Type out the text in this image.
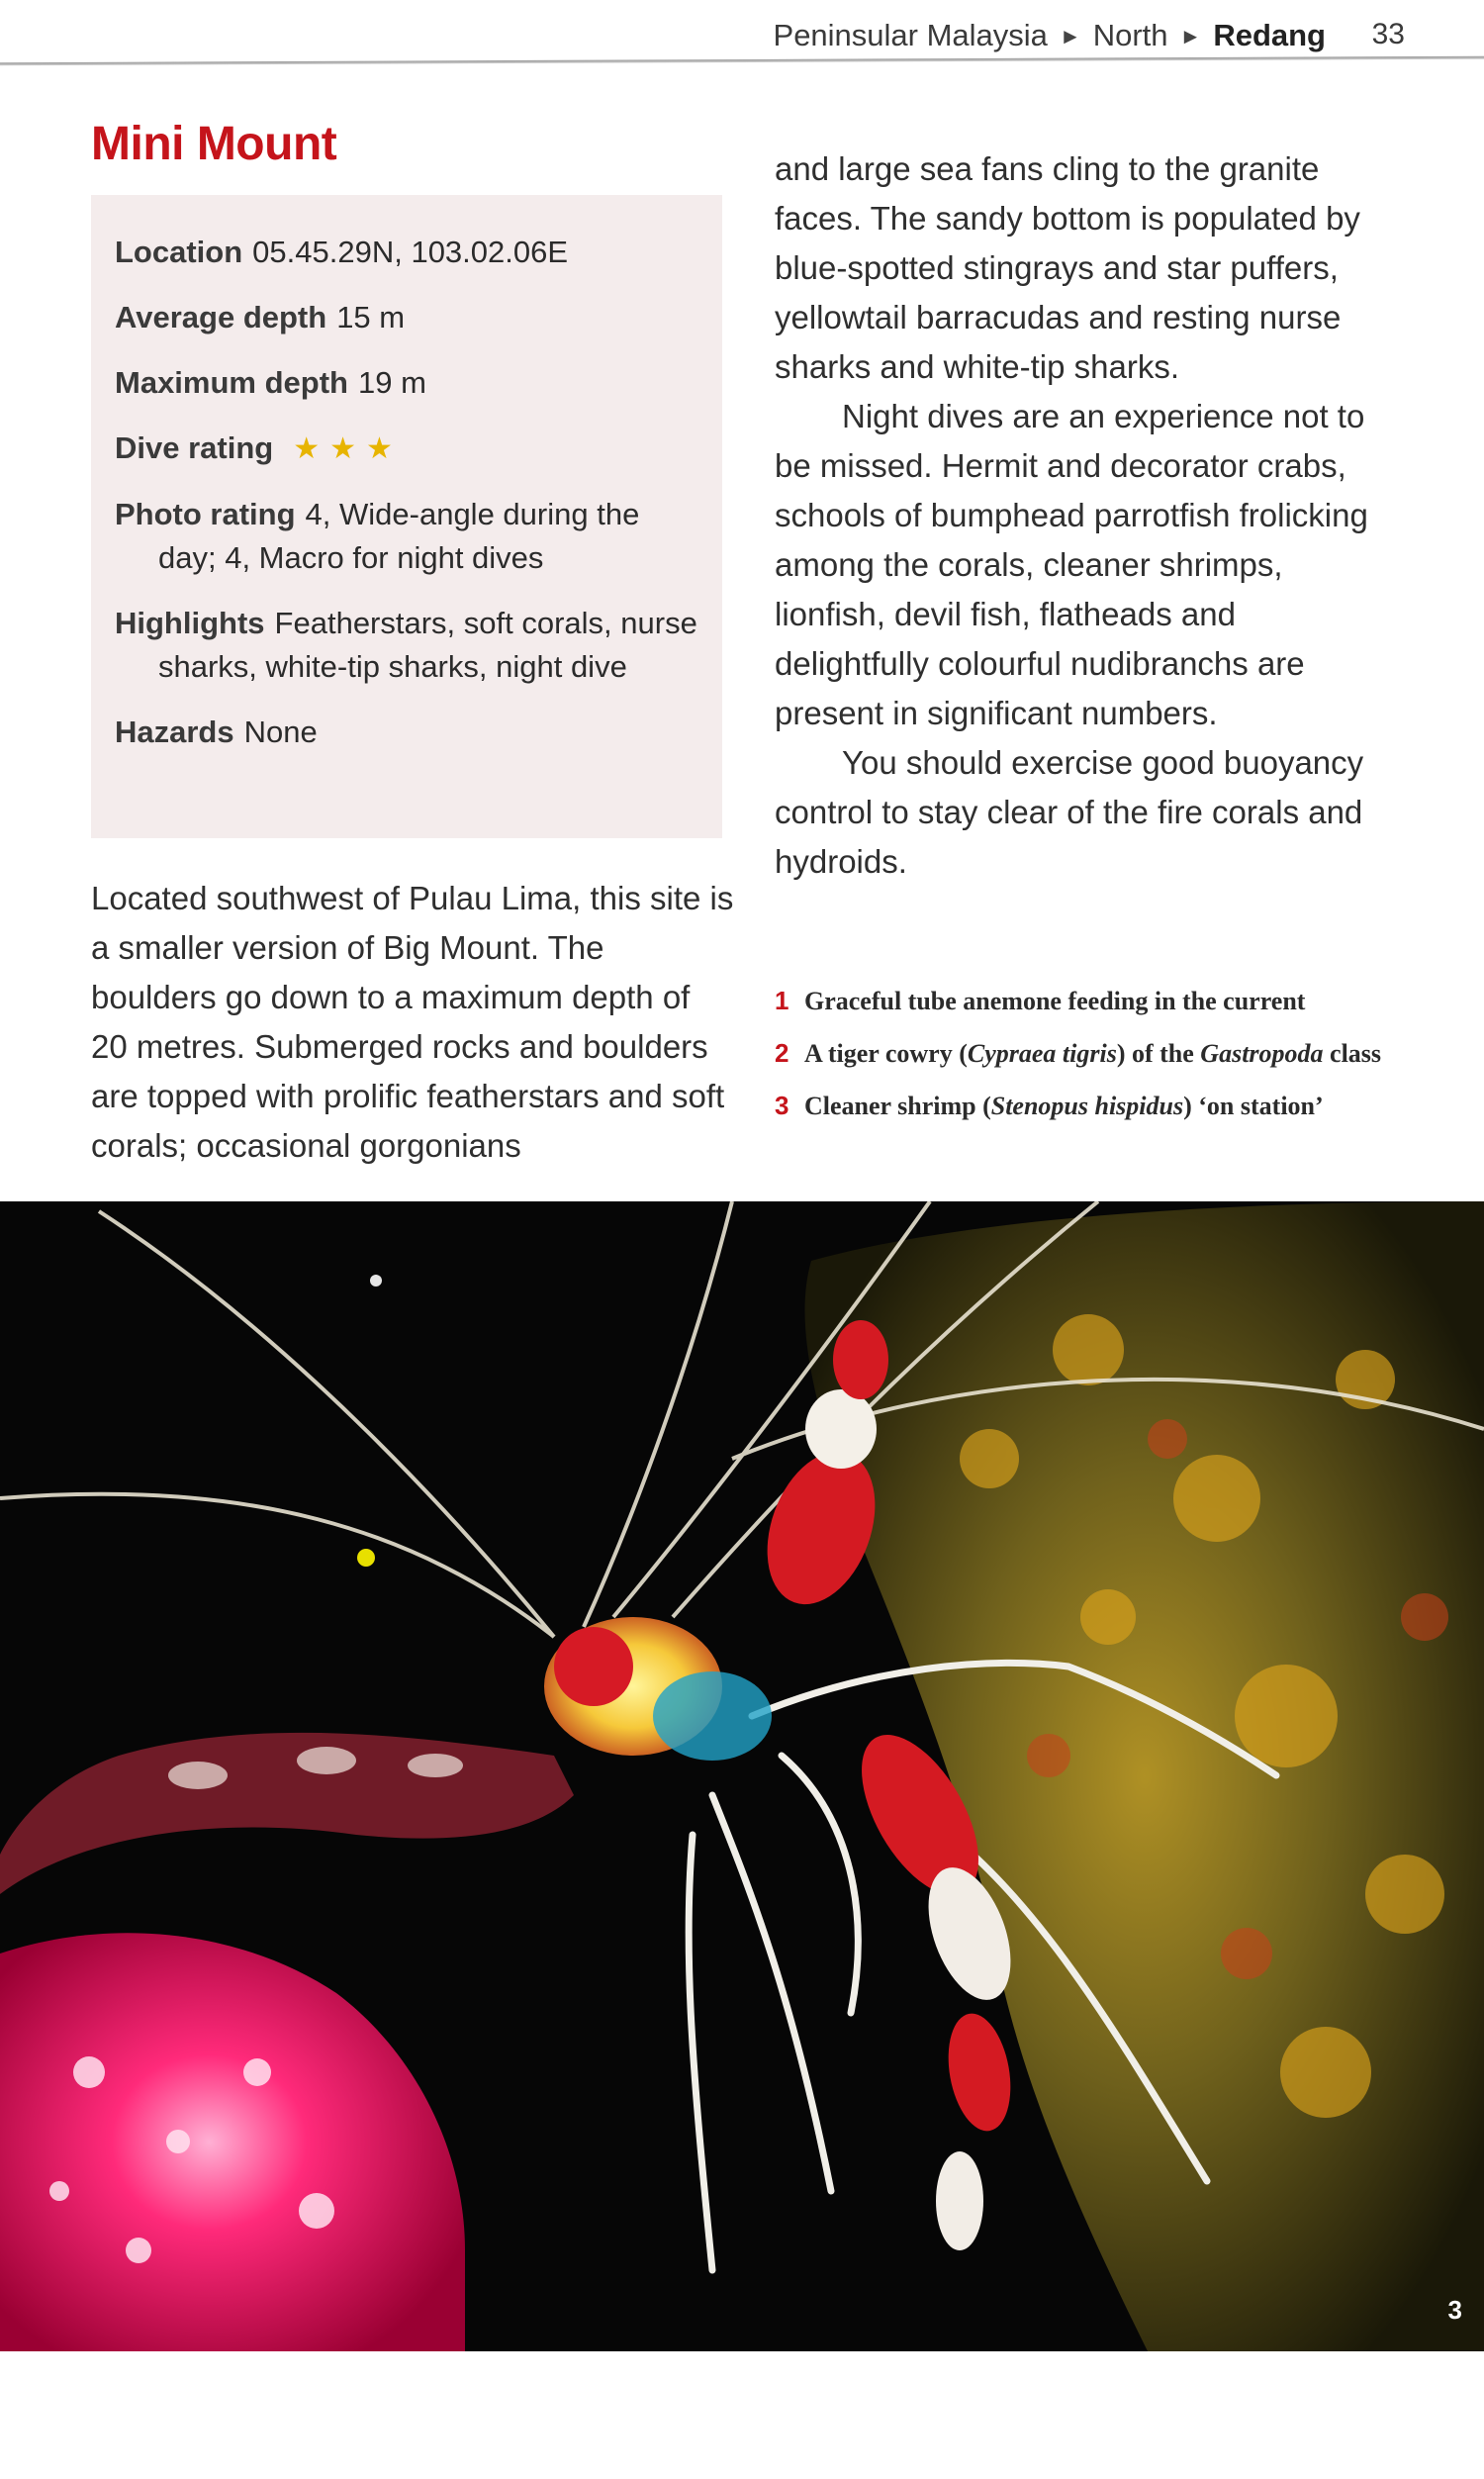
Peninsular Malaysia ► North ► Redang 33
Mini Mount
Location 05.45.29N, 103.02.06E
Average depth 15 m
Maximum depth 19 m
Dive rating ★★★
Photo rating 4, Wide-angle during the day; 4, Macro for night dives
Highlights Featherstars, soft corals, nurse sharks, white-tip sharks, night dive
Hazards None
Located southwest of Pulau Lima, this site is a smaller version of Big Mount. The boulders go down to a maximum depth of 20 metres. Submerged rocks and boulders are topped with prolific featherstars and soft corals; occasional gorgonians

and large sea fans cling to the granite faces. The sandy bottom is populated by blue-spotted stingrays and star puffers, yellowtail barracudas and resting nurse sharks and white-tip sharks.

Night dives are an experience not to be missed. Hermit and decorator crabs, schools of bumphead parrotfish frolicking among the corals, cleaner shrimps, lionfish, devil fish, flatheads and delightfully colourful nudibranchs are present in significant numbers.

You should exercise good buoyancy control to stay clear of the fire corals and hydroids.

1 Graceful tube anemone feeding in the current
2 A tiger cowry (Cypraea tigris) of the Gastropoda class
3 Cleaner shrimp (Stenopus hispidus) ‘on station’
3
